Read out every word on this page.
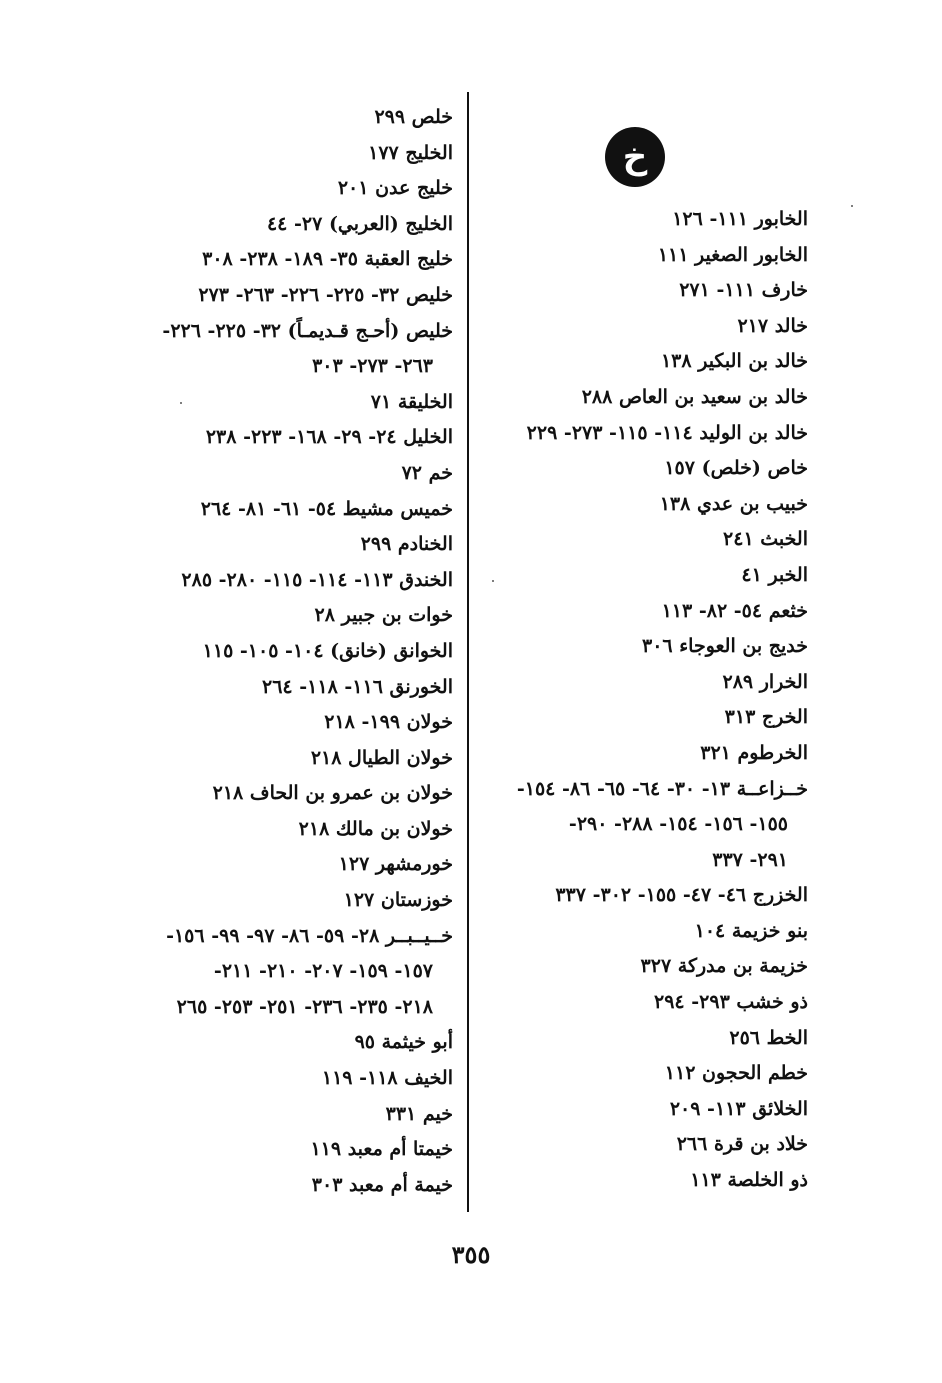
خ
الخابور ١١١- ١٢٦
الخابور الصغير ١١١
خارف ١١١- ٢٧١
خالد ٢١٧
خالد بن البكير ١٣٨
خالد بن سعيد بن العاص ٢٨٨
خالد بن الوليد ١١٤- ١١٥- ٢٧٣- ٢٢٩
خاص (خلص) ١٥٧
خبيب بن عدي ١٣٨
الخبث ٢٤١
الخبر ٤١
خثعم ٥٤- ٨٢- ١١٣
خديج بن العوجاء ٣٠٦
الخرار ٢٨٩
الخرج ٣١٣
الخرطوم ٣٢١
خــزاعــة ١٣- ٣٠- ٦٤- ٦٥- ٨٦- ١٥٤-
١٥٥- ١٥٦- ١٥٤- ٢٨٨- ٢٩٠-
٢٩١- ٣٣٧
الخزرج ٤٦- ٤٧- ١٥٥- ٣٠٢- ٣٣٧
بنو خزيمة ١٠٤
خزيمة بن مدركة ٣٢٧
ذو خشب ٢٩٣- ٢٩٤
الخط ٢٥٦
خطم الحجون ١١٢
الخلائق ١١٣- ٢٠٩
خلاد بن قرة ٢٦٦
ذو الخلصة ١١٣
خلص ٢٩٩
الخليج ١٧٧
خليج عدن ٢٠١
الخليج (العربي) ٢٧- ٤٤
خليج العقبة ٣٥- ١٨٩- ٢٣٨- ٣٠٨
خليص ٣٢- ٢٢٥- ٢٢٦- ٢٦٣- ٢٧٣
خليص (أحـج قـديمـاً) ٣٢- ٢٢٥- ٢٢٦-
٢٦٣- ٢٧٣- ٣٠٣
الخليقة ٧١
الخليل ٢٤- ٢٩- ١٦٨- ٢٢٣- ٢٣٨
خم ٧٢
خميس مشيط ٥٤- ٦١- ٨١- ٢٦٤
الخنادم ٢٩٩
الخندق ١١٣- ١١٤- ١١٥- ٢٨٠- ٢٨٥
خوات بن جبير ٢٨
الخوانق (خانق) ١٠٤- ١٠٥- ١١٥
الخورنق ١١٦- ١١٨- ٢٦٤
خولان ١٩٩- ٢١٨
خولان الطيال ٢١٨
خولان بن عمرو بن الحاف ٢١٨
خولان بن مالك ٢١٨
خورمشهر ١٢٧
خوزستان ١٢٧
خــيــبــر ٢٨- ٥٩- ٨٦- ٩٧- ٩٩- ١٥٦-
١٥٧- ١٥٩- ٢٠٧- ٢١٠- ٢١١-
٢١٨- ٢٣٥- ٢٣٦- ٢٥١- ٢٥٣- ٢٦٥
أبو خيثمة ٩٥
الخيف ١١٨- ١١٩
خيم ٣٣١
خيمتا أم معبد ١١٩
خيمة أم معبد ٣٠٣
٣٥٥
